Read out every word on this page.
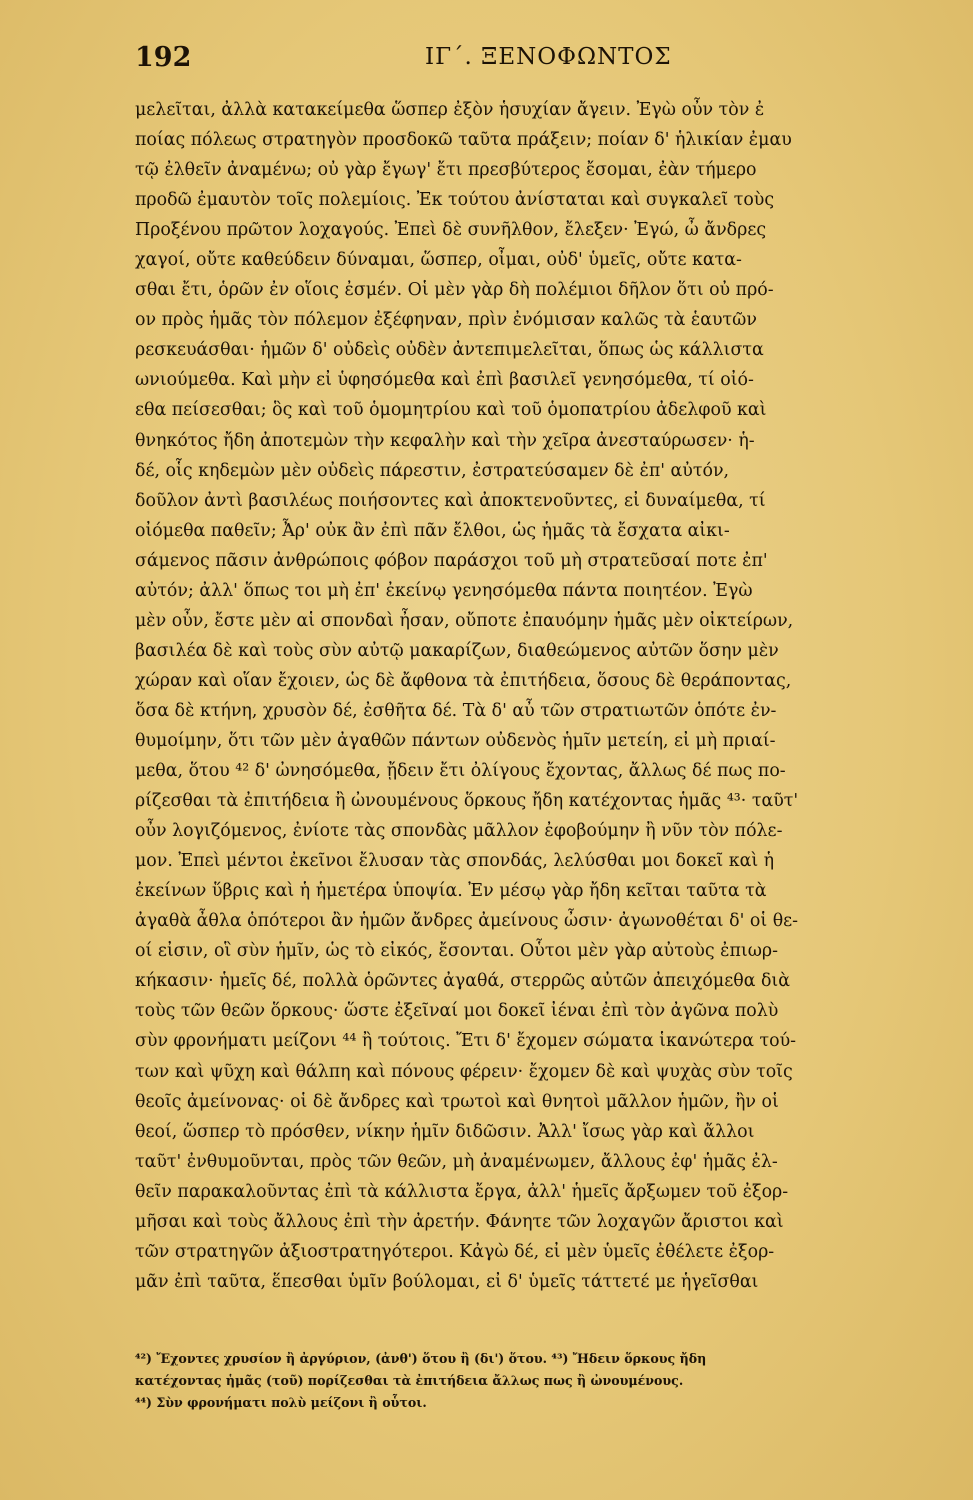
192	ΙΓ΄. ΞΕΝΟΦΩΝΤΟΣ
μελεῖται, ἀλλὰ κατακείμεθα ὥσπερ ἐξὸν ἡσυχίαν ἄγειν. Ἐγὼ οὖν τὸν ἐ
ποίας πόλεως στρατηγὸν προσδοκῶ ταῦτα πράξειν; ποίαν δ' ἡλικίαν ἐμαυ
τῷ ἐλθεῖν ἀναμένω; οὐ γὰρ ἔγωγ' ἔτι πρεσβύτερος ἔσομαι, ἐὰν τήμερο
προδῶ ἐμαυτὸν τοῖς πολεμίοις. Ἐκ τούτου ἀνίσταται καὶ συγκαλεῖ τοὺς
Προξένου πρῶτον λοχαγούς. Ἐπεὶ δὲ συνῆλθον, ἔλεξεν· Ἐγώ, ὦ ἄνδρες
χαγοί, οὔτε καθεύδειν δύναμαι, ὥσπερ, οἶμαι, οὐδ' ὑμεῖς, οὔτε κατα-
σθαι ἔτι, ὁρῶν ἐν οἵοις ἐσμέν. Οἱ μὲν γὰρ δὴ πολέμιοι δῆλον ὅτι οὐ πρό-
ον πρὸς ἡμᾶς τὸν πόλεμον ἐξέφηναν, πρὶν ἐνόμισαν καλῶς τὰ ἑαυτῶν
ρεσκευάσθαι· ἡμῶν δ' οὐδεὶς οὐδὲν ἀντεπιμελεῖται, ὅπως ὡς κάλλιστα
ωνιούμεθα. Καὶ μὴν εἰ ὑφησόμεθα καὶ ἐπὶ βασιλεῖ γενησόμεθα, τί οἰό-
εθα πείσεσθαι; ὃς καὶ τοῦ ὁμομητρίου καὶ τοῦ ὁμοπατρίου ἀδελφοῦ καὶ
θνηκότος ἤδη ἀποτεμὼν τὴν κεφαλὴν καὶ τὴν χεῖρα ἀνεσταύρωσεν· ἡ-
δέ, οἷς κηδεμὼν μὲν οὐδεὶς πάρεστιν, ἐστρατεύσαμεν δὲ ἐπ' αὐτόν,
δοῦλον ἀντὶ βασιλέως ποιήσοντες καὶ ἀποκτενοῦντες, εἰ δυναίμεθα, τί
οἰόμεθα παθεῖν; Ἆρ' οὐκ ἂν ἐπὶ πᾶν ἔλθοι, ὡς ἡμᾶς τὰ ἔσχατα αἰκι-
σάμενος πᾶσιν ἀνθρώποις φόβον παράσχοι τοῦ μὴ στρατεῦσαί ποτε ἐπ'
αὐτόν; ἀλλ' ὅπως τοι μὴ ἐπ' ἐκείνῳ γενησόμεθα πάντα ποιητέον. Ἐγὼ
μὲν οὖν, ἔστε μὲν αἱ σπονδαὶ ἦσαν, οὔποτε ἐπαυόμην ἡμᾶς μὲν οἰκτείρων,
βασιλέα δὲ καὶ τοὺς σὺν αὐτῷ μακαρίζων, διαθεώμενος αὐτῶν ὅσην μὲν
χώραν καὶ οἵαν ἔχοιεν, ὡς δὲ ἄφθονα τὰ ἐπιτήδεια, ὅσους δὲ θεράποντας,
ὅσα δὲ κτήνη, χρυσὸν δέ, ἐσθῆτα δέ. Τὰ δ' αὖ τῶν στρατιωτῶν ὁπότε ἐν-
θυμοίμην, ὅτι τῶν μὲν ἀγαθῶν πάντων οὐδενὸς ἡμῖν μετείη, εἰ μὴ πριαί-
μεθα, ὅτου ⁴² δ' ὠνησόμεθα, ᾔδειν ἔτι ὀλίγους ἔχοντας, ἄλλως δέ πως πο-
ρίζεσθαι τὰ ἐπιτήδεια ἢ ὠνουμένους ὅρκους ἤδη κατέχοντας ἡμᾶς ⁴³· ταῦτ'
οὖν λογιζόμενος, ἐνίοτε τὰς σπονδὰς μᾶλλον ἐφοβούμην ἢ νῦν τὸν πόλε-
μον. Ἐπεὶ μέντοι ἐκεῖνοι ἔλυσαν τὰς σπονδάς, λελύσθαι μοι δοκεῖ καὶ ἡ
ἐκείνων ὕβρις καὶ ἡ ἡμετέρα ὑποψία. Ἐν μέσῳ γὰρ ἤδη κεῖται ταῦτα τὰ
ἀγαθὰ ἆθλα ὁπότεροι ἂν ἡμῶν ἄνδρες ἀμείνους ὦσιν· ἀγωνοθέται δ' οἱ θε-
οί εἰσιν, οἳ σὺν ἡμῖν, ὡς τὸ εἰκός, ἔσονται. Οὗτοι μὲν γὰρ αὐτοὺς ἐπιωρ-
κήκασιν· ἡμεῖς δέ, πολλὰ ὁρῶντες ἀγαθά, στερρῶς αὐτῶν ἀπειχόμεθα διὰ
τοὺς τῶν θεῶν ὅρκους· ὥστε ἐξεῖναί μοι δοκεῖ ἰέναι ἐπὶ τὸν ἀγῶνα πολὺ
σὺν φρονήματι μείζονι ⁴⁴ ἢ τούτοις. Ἔτι δ' ἔχομεν σώματα ἱκανώτερα τού-
των καὶ ψῦχη καὶ θάλπη καὶ πόνους φέρειν· ἔχομεν δὲ καὶ ψυχὰς σὺν τοῖς
θεοῖς ἀμείνονας· οἱ δὲ ἄνδρες καὶ τρωτοὶ καὶ θνητοὶ μᾶλλον ἡμῶν, ἢν οἱ
θεοί, ὥσπερ τὸ πρόσθεν, νίκην ἡμῖν διδῶσιν. Ἀλλ' ἴσως γὰρ καὶ ἄλλοι
ταῦτ' ἐνθυμοῦνται, πρὸς τῶν θεῶν, μὴ ἀναμένωμεν, ἄλλους ἐφ' ἡμᾶς ἐλ-
θεῖν παρακαλοῦντας ἐπὶ τὰ κάλλιστα ἔργα, ἀλλ' ἡμεῖς ἄρξωμεν τοῦ ἐξορ-
μῆσαι καὶ τοὺς ἄλλους ἐπὶ τὴν ἀρετήν. Φάνητε τῶν λοχαγῶν ἄριστοι καὶ
τῶν στρατηγῶν ἀξιοστρατηγότεροι. Κἀγὼ δέ, εἰ μὲν ὑμεῖς ἐθέλετε ἐξορ-
μᾶν ἐπὶ ταῦτα, ἕπεσθαι ὑμῖν βούλομαι, εἰ δ' ὑμεῖς τάττετέ με ἡγεῖσθαι
⁴²) Ἔχοντες χρυσίον ἢ ἀργύριον, (ἀνθ') ὅτου ἢ (δι') ὅτου. ⁴³) Ἤδειν ὅρκους ἤδη
κατέχοντας ἡμᾶς (τοῦ) πορίζεσθαι τὰ ἐπιτήδεια ἄλλως πως ἢ ὠνουμένους.
⁴⁴) Σὺν φρονήματι πολὺ μείζονι ἢ οὗτοι.
